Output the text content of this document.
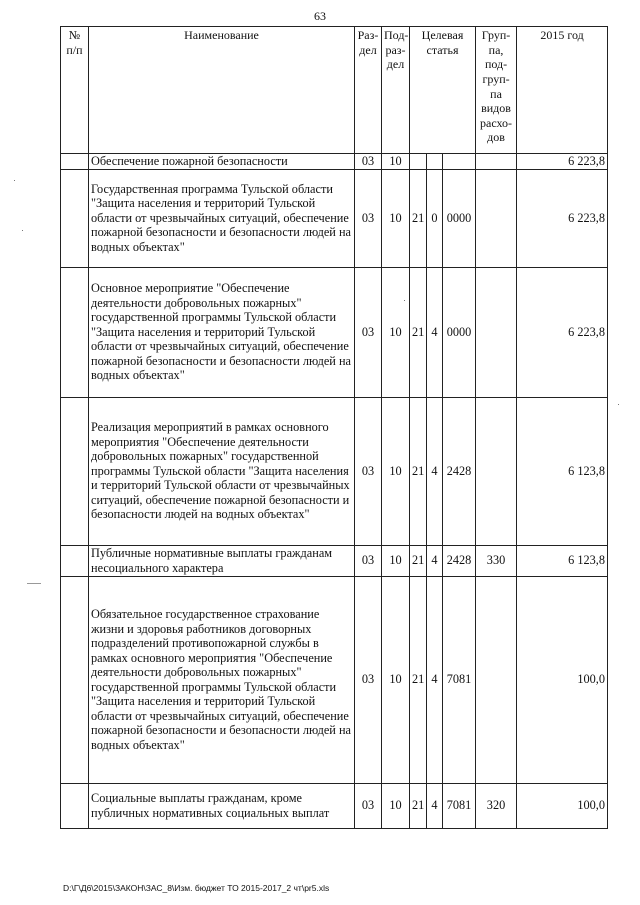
63
№ п/п	Наименование	Раз-дел	Под-раз-дел	Целевая статья			Груп-па, под-груп-па видов расхо-дов	2015 год
	Обеспечение пожарной безопасности	03	10					6 223,8
	Государственная программа Тульской области "Защита населения и территорий Тульской области от чрезвычайных ситуаций, обеспечение пожарной безопасности и безопасности людей на водных объектах"	03	10	21	0	0000		6 223,8
	Основное мероприятие "Обеспечение деятельности добровольных пожарных" государственной программы Тульской области "Защита населения и территорий Тульской области от чрезвычайных ситуаций, обеспечение пожарной безопасности и безопасности людей на водных объектах"	03	10	21	4	0000		6 223,8
	Реализация мероприятий в рамках основного мероприятия "Обеспечение деятельности добровольных пожарных" государственной программы Тульской области "Защита населения и территорий Тульской области от чрезвычайных ситуаций, обеспечение пожарной безопасности и безопасности людей на водных объектах"	03	10	21	4	2428		6 123,8
	Публичные нормативные выплаты гражданам несоциального характера	03	10	21	4	2428	330	6 123,8
	Обязательное государственное страхование жизни и здоровья работников договорных подразделений противопожарной службы в рамках основного мероприятия "Обеспечение деятельности добровольных пожарных" государственной программы Тульской области "Защита населения и территорий Тульской области от чрезвычайных ситуаций, обеспечение пожарной безопасности и безопасности людей на водных объектах"	03	10	21	4	7081		100,0
	Социальные выплаты гражданам, кроме публичных нормативных социальных выплат	03	10	21	4	7081	320	100,0
D:\Г\Д6\2015\ЗАКОН\ЗАС_8\Изм. бюджет ТО 2015-2017_2 чт\pr5.xls
